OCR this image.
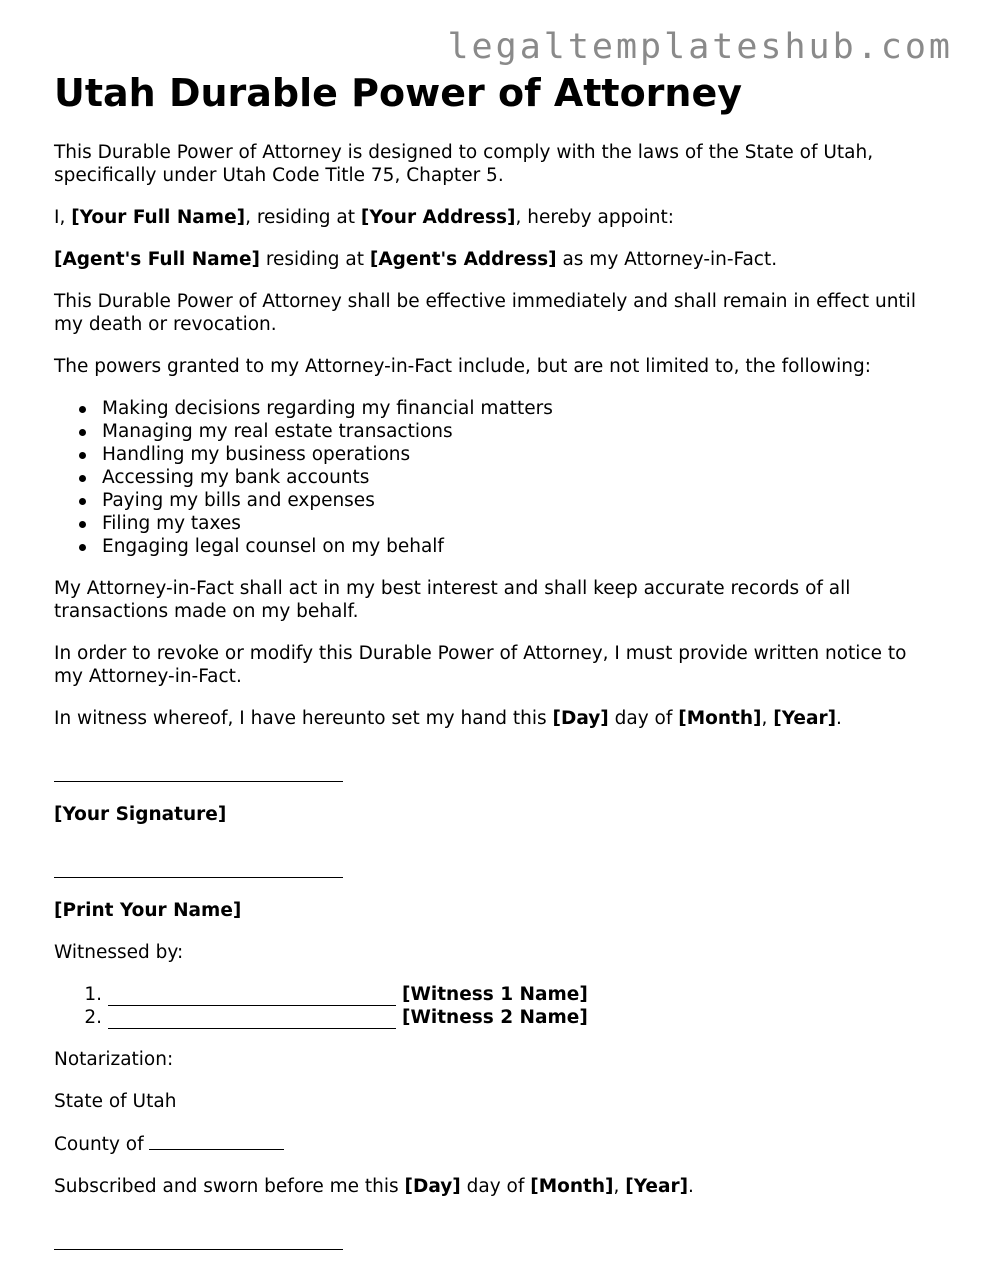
legaltemplateshub.com
Utah Durable Power of Attorney

This Durable Power of Attorney is designed to comply with the laws of the State of Utah, specifically under Utah Code Title 75, Chapter 5.

I, [Your Full Name], residing at [Your Address], hereby appoint:

[Agent's Full Name] residing at [Agent's Address] as my Attorney-in-Fact.

This Durable Power of Attorney shall be effective immediately and shall remain in effect until my death or revocation.

The powers granted to my Attorney-in-Fact include, but are not limited to, the following:

Making decisions regarding my financial matters
Managing my real estate transactions
Handling my business operations
Accessing my bank accounts
Paying my bills and expenses
Filing my taxes
Engaging legal counsel on my behalf

My Attorney-in-Fact shall act in my best interest and shall keep accurate records of all transactions made on my behalf.

In order to revoke or modify this Durable Power of Attorney, I must provide written notice to my Attorney-in-Fact.

In witness whereof, I have hereunto set my hand this [Day] day of [Month], [Year].

[Your Signature]

[Print Your Name]

Witnessed by:

1.	[Witness 1 Name]
2.	[Witness 2 Name]

Notarization:

State of Utah

County of

Subscribed and sworn before me this [Day] day of [Month], [Year].
